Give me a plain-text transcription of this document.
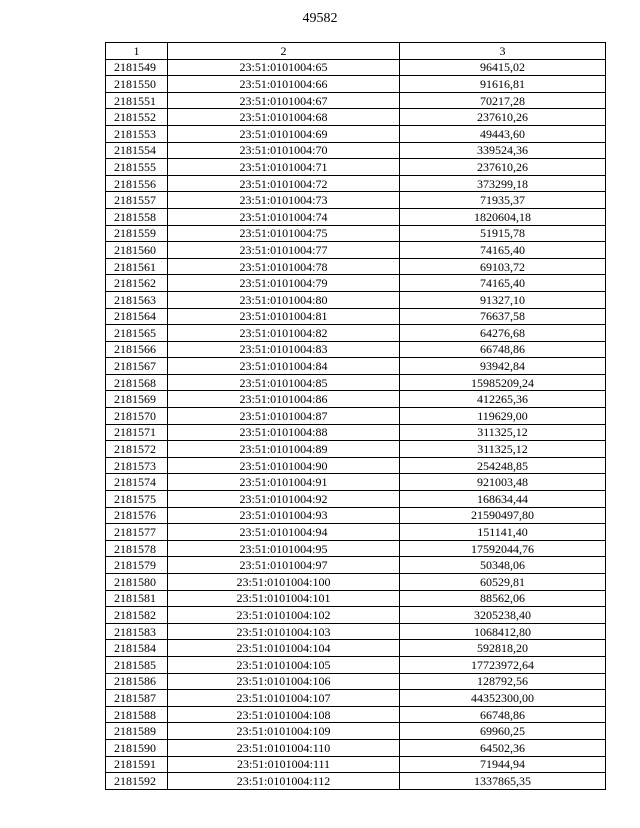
49582
1	2	3
2181549	23:51:0101004:65	96415,02
2181550	23:51:0101004:66	91616,81
2181551	23:51:0101004:67	70217,28
2181552	23:51:0101004:68	237610,26
2181553	23:51:0101004:69	49443,60
2181554	23:51:0101004:70	339524,36
2181555	23:51:0101004:71	237610,26
2181556	23:51:0101004:72	373299,18
2181557	23:51:0101004:73	71935,37
2181558	23:51:0101004:74	1820604,18
2181559	23:51:0101004:75	51915,78
2181560	23:51:0101004:77	74165,40
2181561	23:51:0101004:78	69103,72
2181562	23:51:0101004:79	74165,40
2181563	23:51:0101004:80	91327,10
2181564	23:51:0101004:81	76637,58
2181565	23:51:0101004:82	64276,68
2181566	23:51:0101004:83	66748,86
2181567	23:51:0101004:84	93942,84
2181568	23:51:0101004:85	15985209,24
2181569	23:51:0101004:86	412265,36
2181570	23:51:0101004:87	119629,00
2181571	23:51:0101004:88	311325,12
2181572	23:51:0101004:89	311325,12
2181573	23:51:0101004:90	254248,85
2181574	23:51:0101004:91	921003,48
2181575	23:51:0101004:92	168634,44
2181576	23:51:0101004:93	21590497,80
2181577	23:51:0101004:94	151141,40
2181578	23:51:0101004:95	17592044,76
2181579	23:51:0101004:97	50348,06
2181580	23:51:0101004:100	60529,81
2181581	23:51:0101004:101	88562,06
2181582	23:51:0101004:102	3205238,40
2181583	23:51:0101004:103	1068412,80
2181584	23:51:0101004:104	592818,20
2181585	23:51:0101004:105	17723972,64
2181586	23:51:0101004:106	128792,56
2181587	23:51:0101004:107	44352300,00
2181588	23:51:0101004:108	66748,86
2181589	23:51:0101004:109	69960,25
2181590	23:51:0101004:110	64502,36
2181591	23:51:0101004:111	71944,94
2181592	23:51:0101004:112	1337865,35
